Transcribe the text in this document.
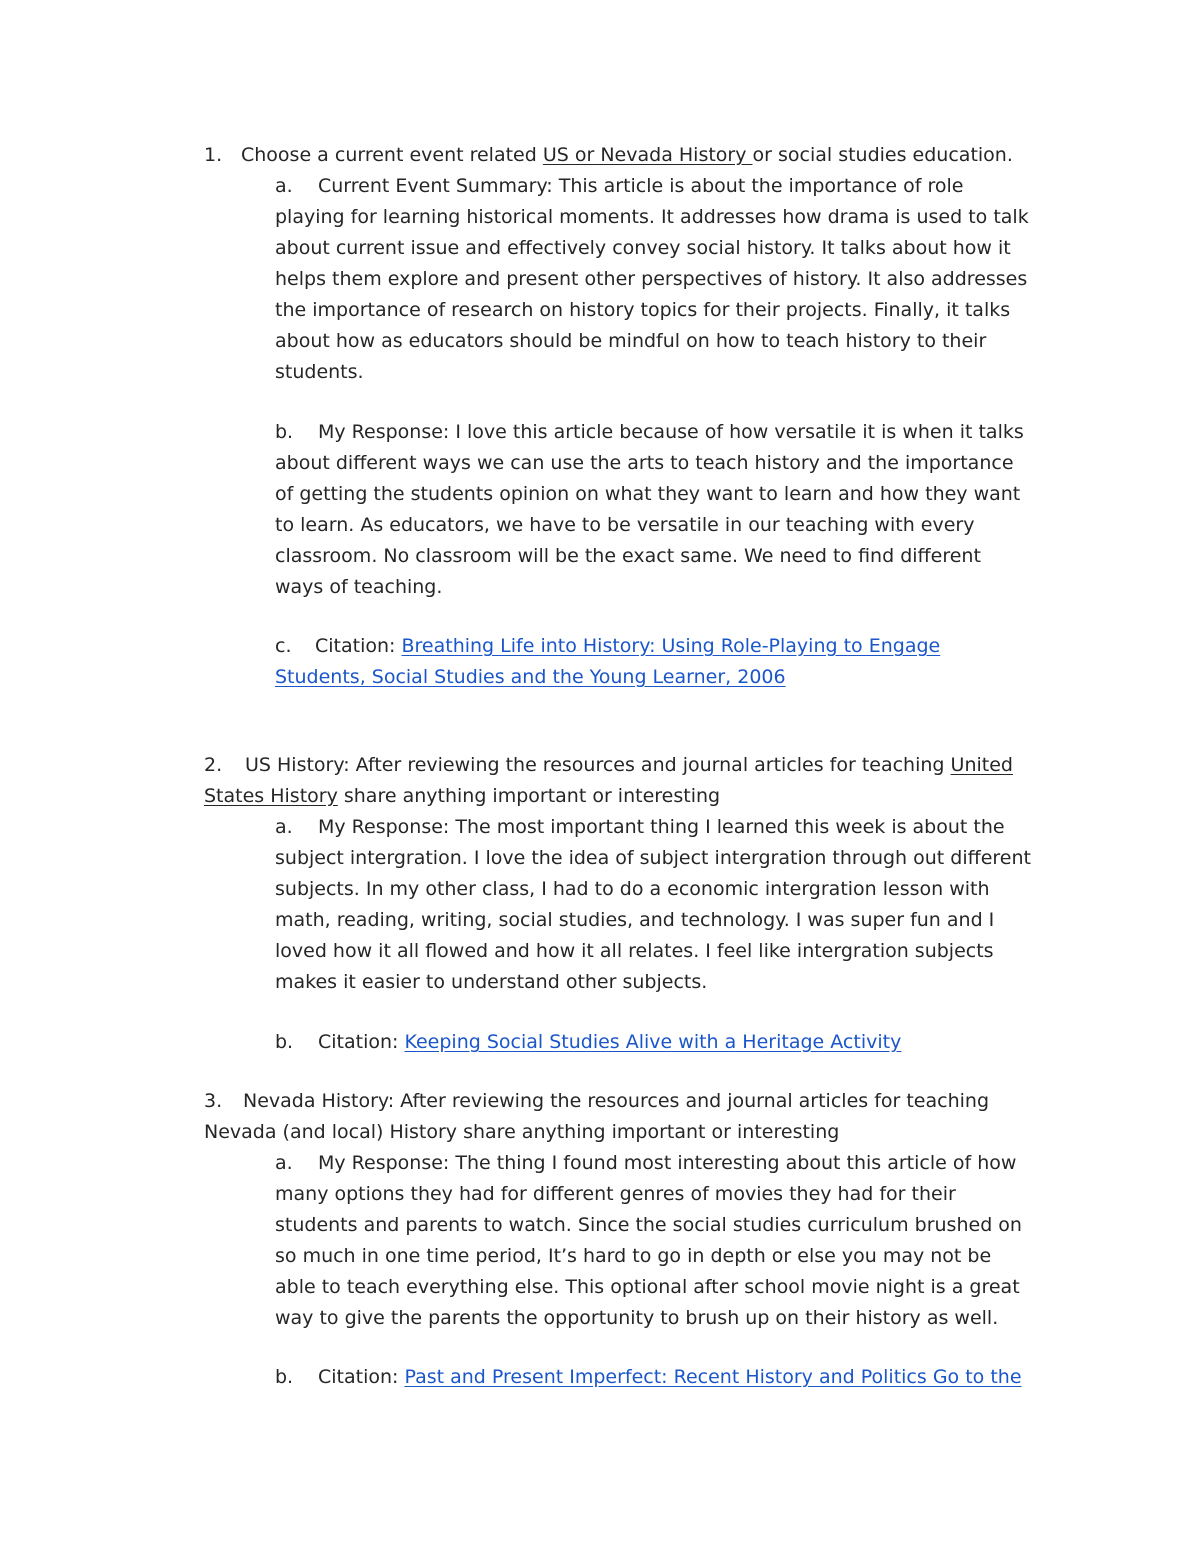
1. Choose a current event related US or Nevada History or social studies education.
a. Current Event Summary: This article is about the importance of role
playing for learning historical moments. It addresses how drama is used to talk
about current issue and effectively convey social history. It talks about how it
helps them explore and present other perspectives of history. It also addresses
the importance of research on history topics for their projects. Finally, it talks
about how as educators should be mindful on how to teach history to their
students.
b. My Response: I love this article because of how versatile it is when it talks
about different ways we can use the arts to teach history and the importance
of getting the students opinion on what they want to learn and how they want
to learn. As educators, we have to be versatile in our teaching with every
classroom. No classroom will be the exact same. We need to find different
ways of teaching.
c. Citation: Breathing Life into History: Using Role-Playing to Engage
Students, Social Studies and the Young Learner, 2006
2. US History: After reviewing the resources and journal articles for teaching United
States History share anything important or interesting
a. My Response: The most important thing I learned this week is about the
subject intergration. I love the idea of subject intergration through out different
subjects. In my other class, I had to do a economic intergration lesson with
math, reading, writing, social studies, and technology. I was super fun and I
loved how it all flowed and how it all relates. I feel like intergration subjects
makes it easier to understand other subjects.
b. Citation: Keeping Social Studies Alive with a Heritage Activity
3. Nevada History: After reviewing the resources and journal articles for teaching
Nevada (and local) History share anything important or interesting
a. My Response: The thing I found most interesting about this article of how
many options they had for different genres of movies they had for their
students and parents to watch. Since the social studies curriculum brushed on
so much in one time period, It’s hard to go in depth or else you may not be
able to teach everything else. This optional after school movie night is a great
way to give the parents the opportunity to brush up on their history as well.
b. Citation: Past and Present Imperfect: Recent History and Politics Go to the
